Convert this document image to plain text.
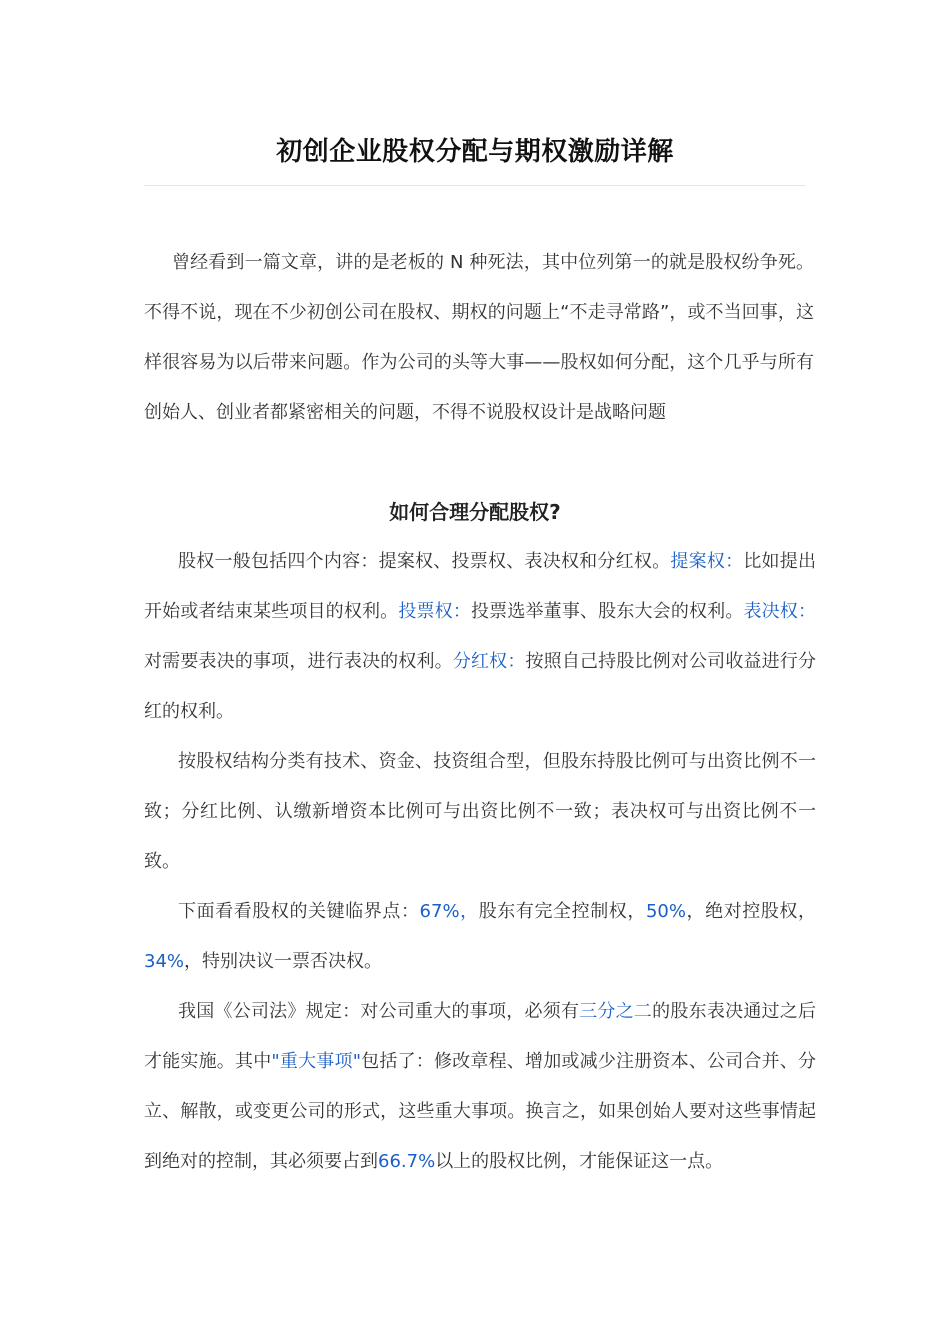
初创企业股权分配与期权激励详解

曾经看到一篇文章，讲的是老板的 N 种死法，其中位列第一的就是股权纷争死。不得不说，现在不少初创公司在股权、期权的问题上“不走寻常路”，或不当回事，这样很容易为以后带来问题。作为公司的头等大事——股权如何分配，这个几乎与所有创始人、创业者都紧密相关的问题，不得不说股权设计是战略问题

如何合理分配股权?

股权一般包括四个内容：提案权、投票权、表决权和分红权。提案权：比如提出开始或者结束某些项目的权利。投票权：投票选举董事、股东大会的权利。表决权：对需要表决的事项，进行表决的权利。分红权：按照自己持股比例对公司收益进行分红的权利。

按股权结构分类有技术、资金、技资组合型，但股东持股比例可与出资比例不一致；分红比例、认缴新增资本比例可与出资比例不一致；表决权可与出资比例不一致。

下面看看股权的关键临界点：67%，股东有完全控制权，50%，绝对控股权，34%，特别决议一票否决权。

我国《公司法》规定：对公司重大的事项，必须有三分之二的股东表决通过之后才能实施。其中"重大事项"包括了：修改章程、增加或减少注册资本、公司合并、分立、解散，或变更公司的形式，这些重大事项。换言之，如果创始人要对这些事情起到绝对的控制，其必须要占到66.7%以上的股权比例，才能保证这一点。
